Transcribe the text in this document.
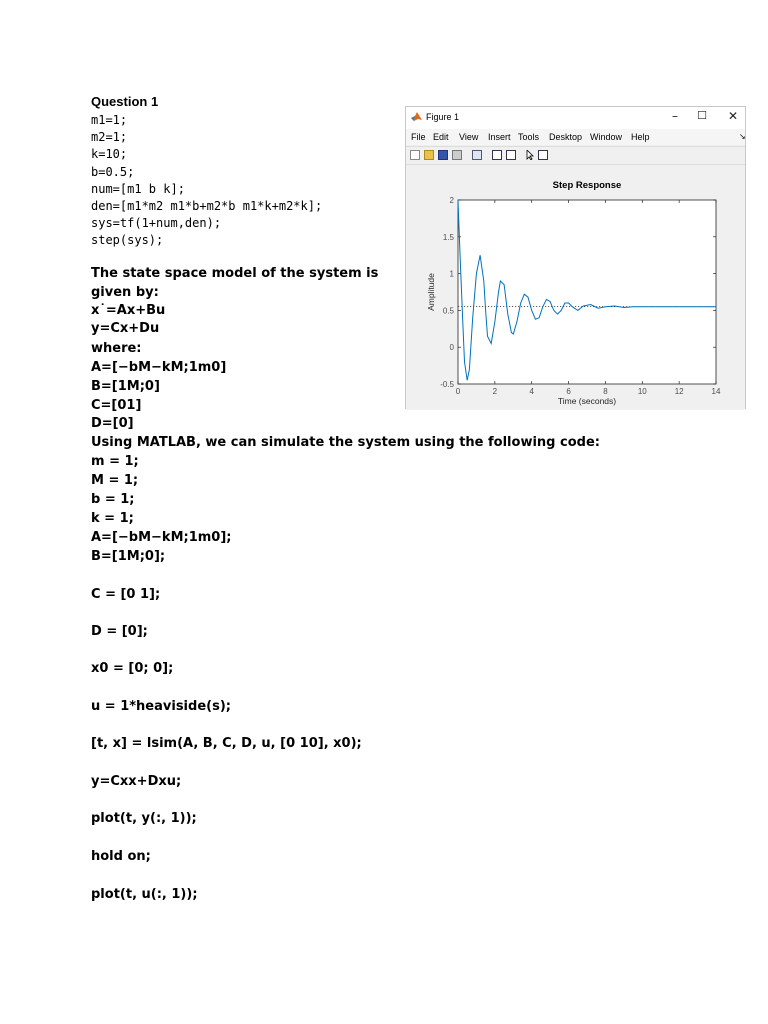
Question 1
m1=1;
m2=1;
k=10;
b=0.5;
num=[m1 b k];
den=[m1*m2 m1*b+m2*b m1*k+m2*k];
sys=tf(1+num,den);
step(sys);
The state space model of the system is
given by:
x˙=Ax+Bu
y=Cx+Du
where:
A=[−bM−kM;1m0]
B=[1M;0]
C=[01]
D=[0]
Using MATLAB, we can simulate the system using the following code:
m = 1;
M = 1;
b = 1;
k = 1;
A=[−bM−kM;1m0];
B=[1M;0];
C = [0 1];
D = [0];
x0 = [0; 0];
u = 1*heaviside(s);
[t, x] = lsim(A, B, C, D, u, [0 10], x0);
y=Cxx+Dxu;
plot(t, y(:, 1));
hold on;
plot(t, u(:, 1));
Figure 1	–	☐	✕
File Edit View Insert Tools Desktop Window Help	↘
0	2	4	6	8	10	12	14
-0.5
0
0.5
1
1.5
2
Step Response
Time (seconds)
Amplitude
